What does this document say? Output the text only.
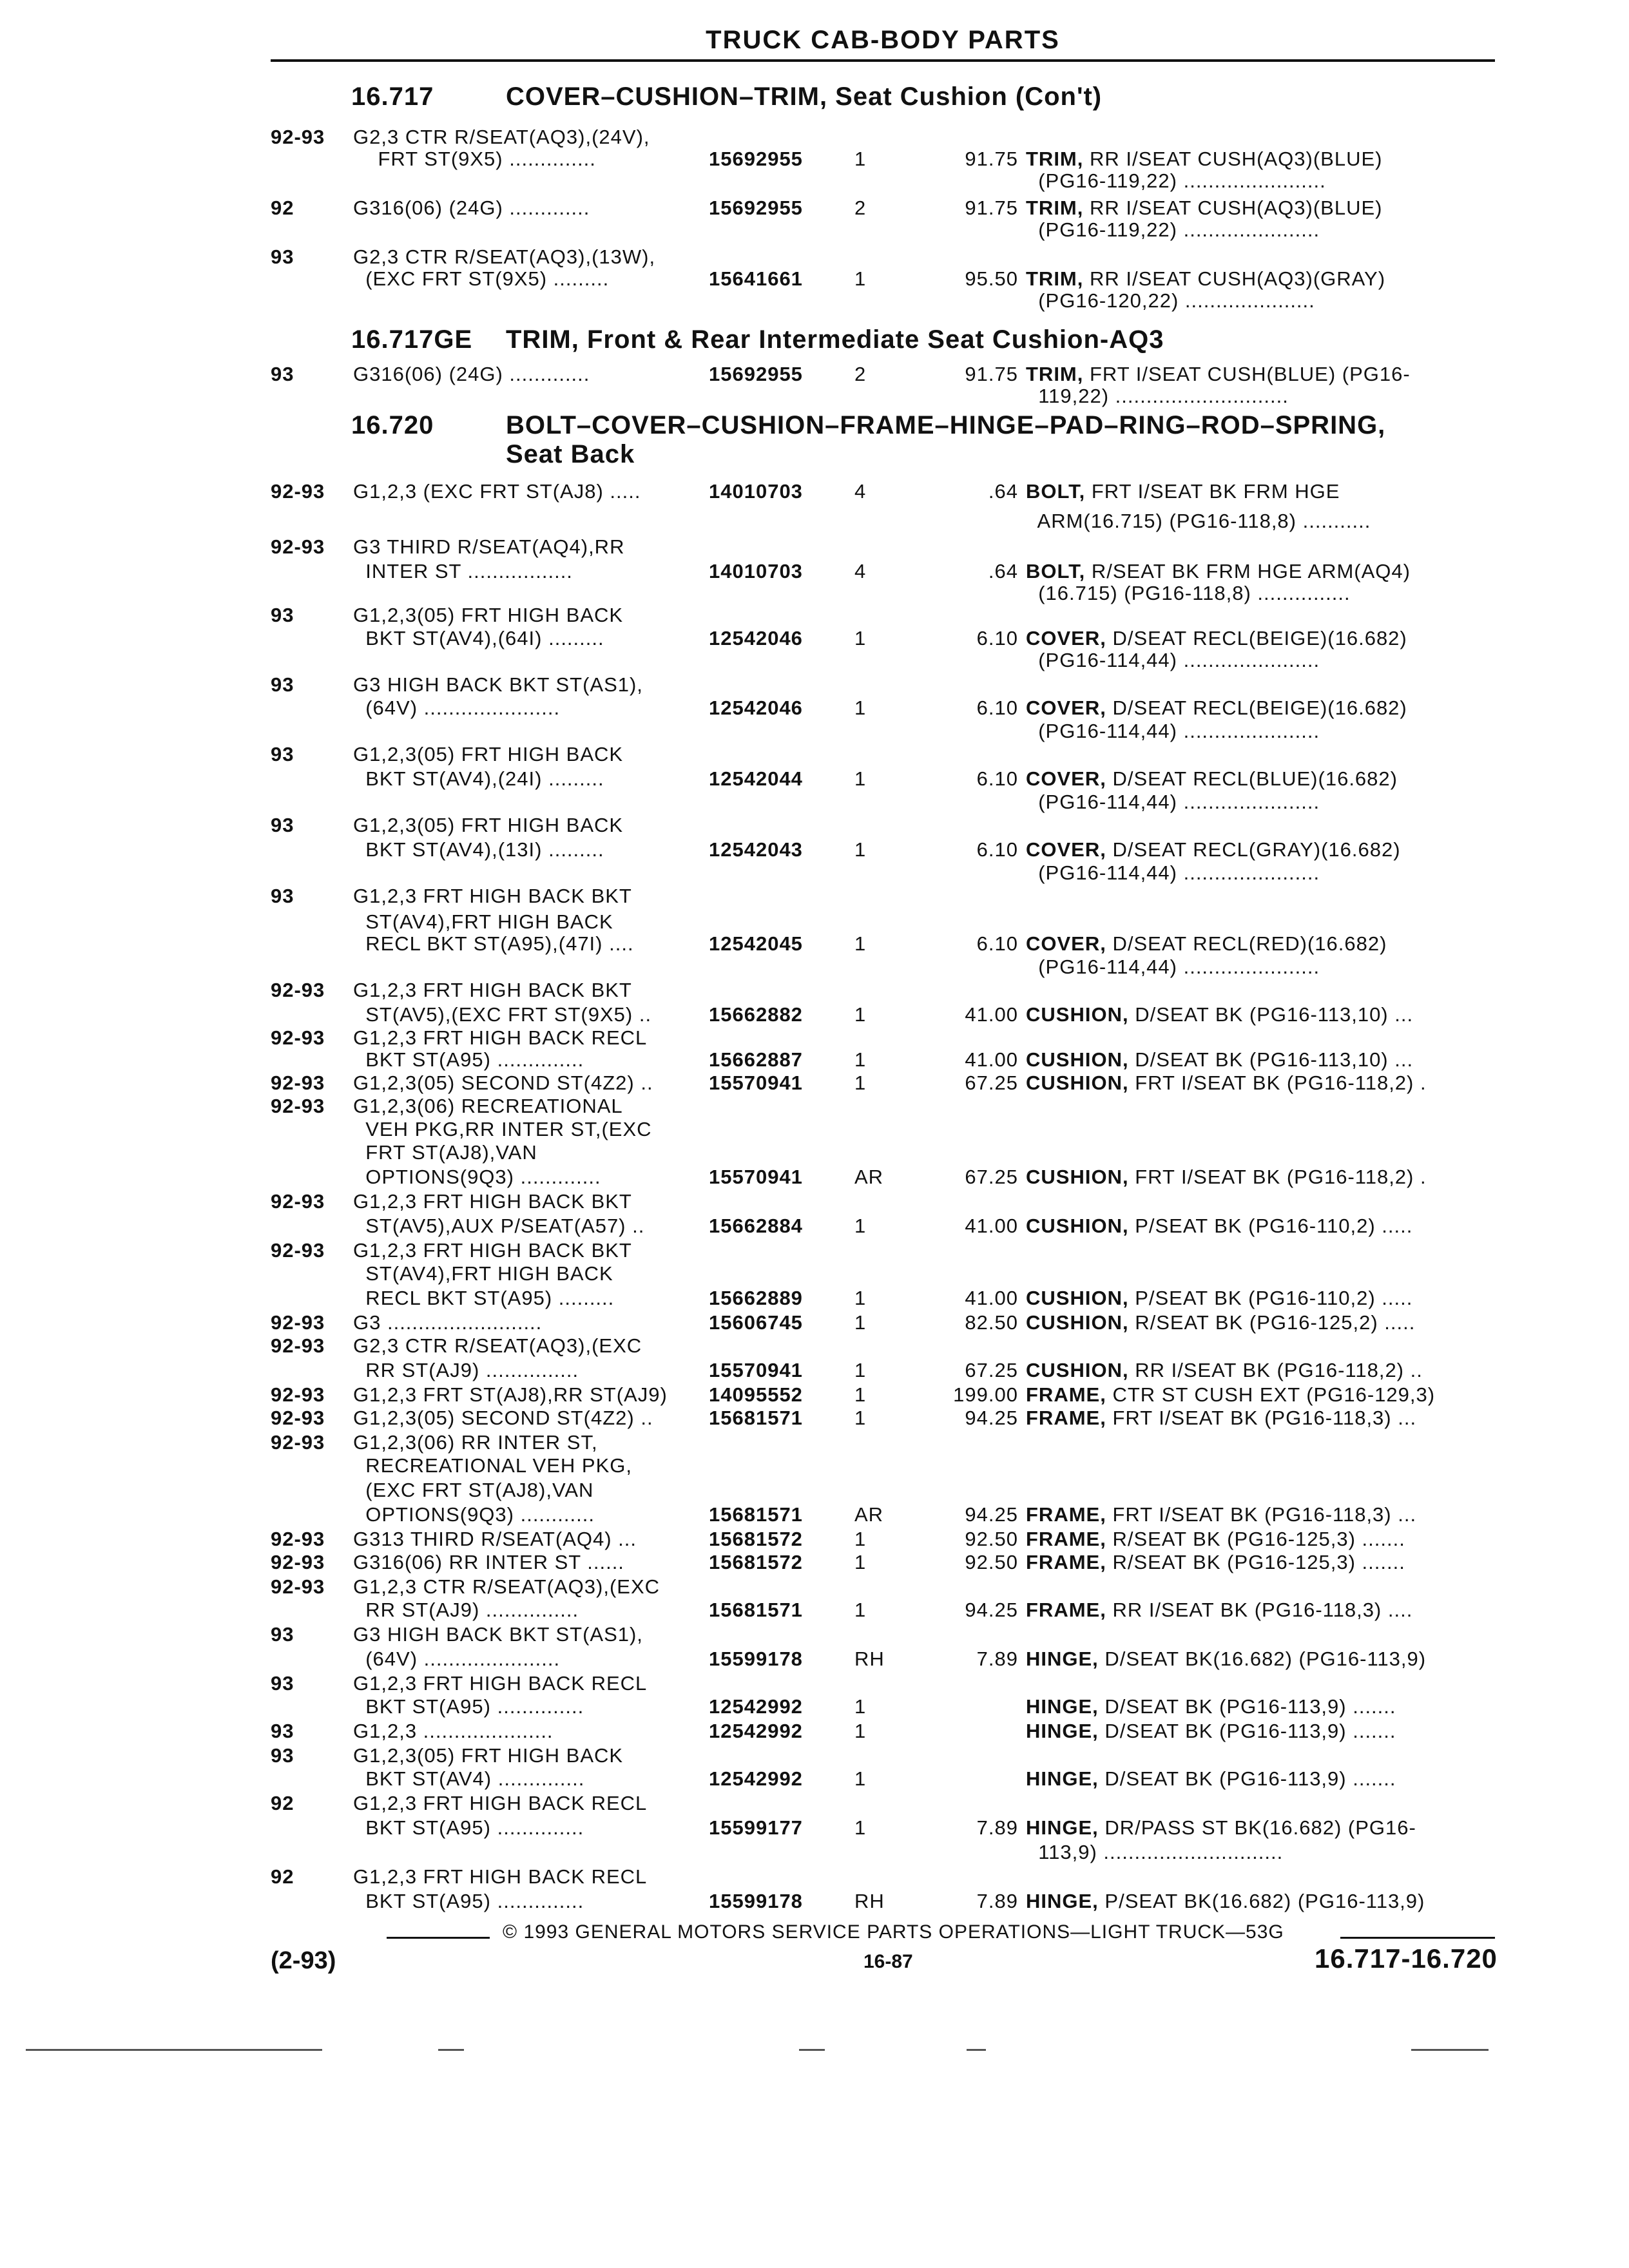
TRUCK CAB-BODY PARTS
16.717	COVER–CUSHION–TRIM, Seat Cushion (Con't)
16.717GE TRIM, Front & Rear Intermediate Seat Cushion-AQ3
16.720	BOLT–COVER–CUSHION–FRAME–HINGE–PAD–RING–ROD–SPRING,
Seat Back
92-93 G2,3 CTR R/SEAT(AQ3),(24V),
FRT ST(9X5) ..............	15692955	1	91.75 TRIM, RR I/SEAT CUSH(AQ3)(BLUE)
(PG16-119,22) .......................
92	G316(06) (24G) .............	15692955	2	91.75 TRIM, RR I/SEAT CUSH(AQ3)(BLUE)
(PG16-119,22) ......................
93	G2,3 CTR R/SEAT(AQ3),(13W),
(EXC FRT ST(9X5) .........	15641661	1	95.50 TRIM, RR I/SEAT CUSH(AQ3)(GRAY)
(PG16-120,22) .....................
93	G316(06) (24G) .............	15692955	2	91.75 TRIM, FRT I/SEAT CUSH(BLUE) (PG16-
119,22) ............................
92-93 G1,2,3 (EXC FRT ST(AJ8) .....	14010703	4	.64 BOLT, FRT I/SEAT BK FRM HGE
ARM(16.715) (PG16-118,8) ...........
92-93 G3 THIRD R/SEAT(AQ4),RR
INTER ST .................	14010703	4	.64 BOLT, R/SEAT BK FRM HGE ARM(AQ4)
(16.715) (PG16-118,8) ...............
93	G1,2,3(05) FRT HIGH BACK
BKT ST(AV4),(64I) .........	12542046	1	6.10 COVER, D/SEAT RECL(BEIGE)(16.682)
(PG16-114,44) ......................
93	G3 HIGH BACK BKT ST(AS1),
(64V) ......................	12542046	1	6.10 COVER, D/SEAT RECL(BEIGE)(16.682)
(PG16-114,44) ......................
93	G1,2,3(05) FRT HIGH BACK
BKT ST(AV4),(24I) .........	12542044	1	6.10 COVER, D/SEAT RECL(BLUE)(16.682)
(PG16-114,44) ......................
93	G1,2,3(05) FRT HIGH BACK
BKT ST(AV4),(13I) .........	12542043	1	6.10 COVER, D/SEAT RECL(GRAY)(16.682)
(PG16-114,44) ......................
93	G1,2,3 FRT HIGH BACK BKT
ST(AV4),FRT HIGH BACK
RECL BKT ST(A95),(47I) ....	12542045	1	6.10 COVER, D/SEAT RECL(RED)(16.682)
(PG16-114,44) ......................
92-93 G1,2,3 FRT HIGH BACK BKT
ST(AV5),(EXC FRT ST(9X5) ..	15662882	1	41.00 CUSHION, D/SEAT BK (PG16-113,10) ...
92-93 G1,2,3 FRT HIGH BACK RECL
BKT ST(A95) ..............	15662887	1	41.00 CUSHION, D/SEAT BK (PG16-113,10) ...
92-93 G1,2,3(05) SECOND ST(4Z2) ..	15570941	1	67.25 CUSHION, FRT I/SEAT BK (PG16-118,2) .
92-93 G1,2,3(06) RECREATIONAL
VEH PKG,RR INTER ST,(EXC
FRT ST(AJ8),VAN
OPTIONS(9Q3) .............	15570941	AR	67.25 CUSHION, FRT I/SEAT BK (PG16-118,2) .
92-93 G1,2,3 FRT HIGH BACK BKT
ST(AV5),AUX P/SEAT(A57) ..	15662884	1	41.00 CUSHION, P/SEAT BK (PG16-110,2) .....
92-93 G1,2,3 FRT HIGH BACK BKT
ST(AV4),FRT HIGH BACK
RECL BKT ST(A95) .........	15662889	1	41.00 CUSHION, P/SEAT BK (PG16-110,2) .....
92-93 G3 .........................	15606745	1	82.50 CUSHION, R/SEAT BK (PG16-125,2) .....
92-93 G2,3 CTR R/SEAT(AQ3),(EXC
RR ST(AJ9) ...............	15570941	1	67.25 CUSHION, RR I/SEAT BK (PG16-118,2) ..
92-93 G1,2,3 FRT ST(AJ8),RR ST(AJ9) 14095552	1	199.00 FRAME, CTR ST CUSH EXT (PG16-129,3)
92-93 G1,2,3(05) SECOND ST(4Z2) ..	15681571	1	94.25 FRAME, FRT I/SEAT BK (PG16-118,3) ...
92-93 G1,2,3(06) RR INTER ST,
RECREATIONAL VEH PKG,
(EXC FRT ST(AJ8),VAN
OPTIONS(9Q3) ............	15681571	AR	94.25 FRAME, FRT I/SEAT BK (PG16-118,3) ...
92-93 G313 THIRD R/SEAT(AQ4) ...	15681572	1	92.50 FRAME, R/SEAT BK (PG16-125,3) .......
92-93 G316(06) RR INTER ST ......	15681572	1	92.50 FRAME, R/SEAT BK (PG16-125,3) .......
92-93 G1,2,3 CTR R/SEAT(AQ3),(EXC
RR ST(AJ9) ...............	15681571	1	94.25 FRAME, RR I/SEAT BK (PG16-118,3) ....
93	G3 HIGH BACK BKT ST(AS1),
(64V) ......................	15599178	RH	7.89 HINGE, D/SEAT BK(16.682) (PG16-113,9)
93	G1,2,3 FRT HIGH BACK RECL
BKT ST(A95) ..............	12542992	1	HINGE, D/SEAT BK (PG16-113,9) .......
93	G1,2,3 .....................	12542992	1	HINGE, D/SEAT BK (PG16-113,9) .......
93	G1,2,3(05) FRT HIGH BACK
BKT ST(AV4) ..............	12542992	1	HINGE, D/SEAT BK (PG16-113,9) .......
92	G1,2,3 FRT HIGH BACK RECL
BKT ST(A95) ..............	15599177	1	7.89 HINGE, DR/PASS ST BK(16.682) (PG16-
113,9) .............................
92	G1,2,3 FRT HIGH BACK RECL
BKT ST(A95) ..............	15599178	RH	7.89 HINGE, P/SEAT BK(16.682) (PG16-113,9)
© 1993 GENERAL MOTORS SERVICE PARTS OPERATIONS—LIGHT TRUCK—53G
16-87
(2-93)	16.717-16.720
